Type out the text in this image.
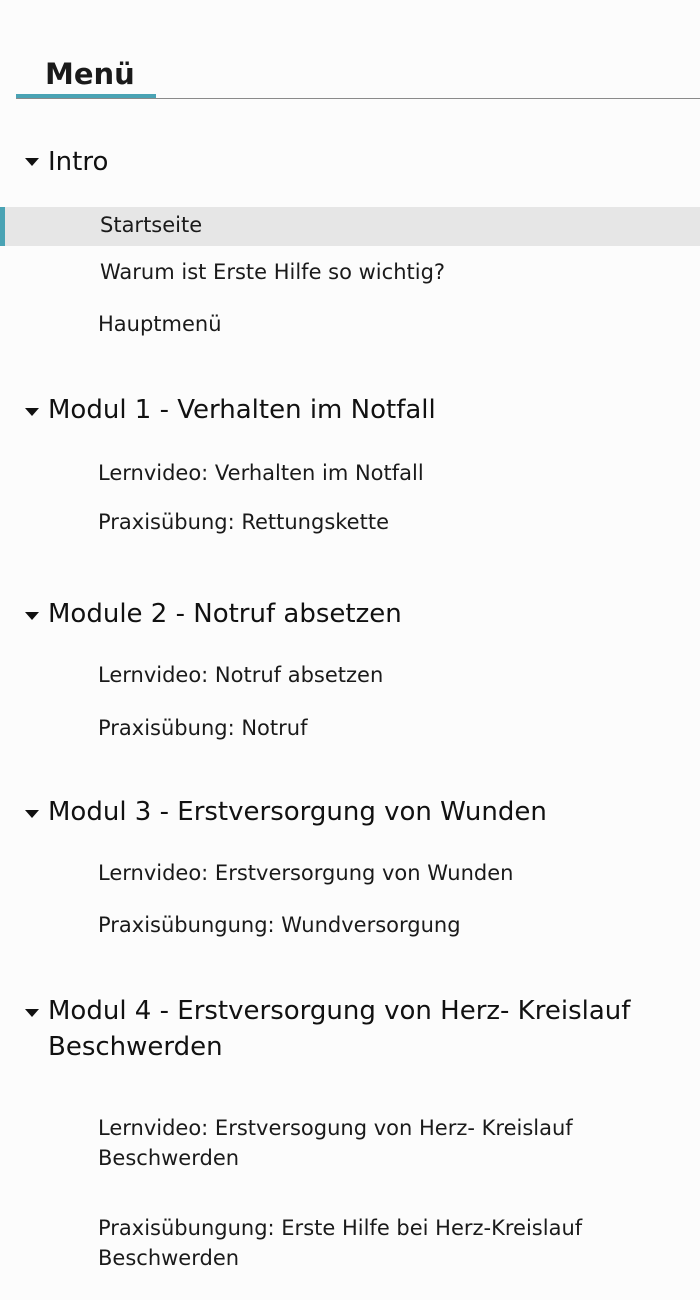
Menü
Intro
Startseite
Warum ist Erste Hilfe so wichtig?
Hauptmenü
Modul 1 - Verhalten im Notfall
Lernvideo: Verhalten im Notfall
Praxisübung: Rettungskette
Module 2 - Notruf absetzen
Lernvideo: Notruf absetzen
Praxisübung: Notruf
Modul 3 - Erstversorgung von Wunden
Lernvideo: Erstversorgung von Wunden
Praxisübungung: Wundversorgung
Modul 4 - Erstversorgung von Herz- Kreislauf Beschwerden
Lernvideo: Erstversogung von Herz- Kreislauf Beschwerden
Praxisübungung: Erste Hilfe bei Herz-Kreislauf Beschwerden
